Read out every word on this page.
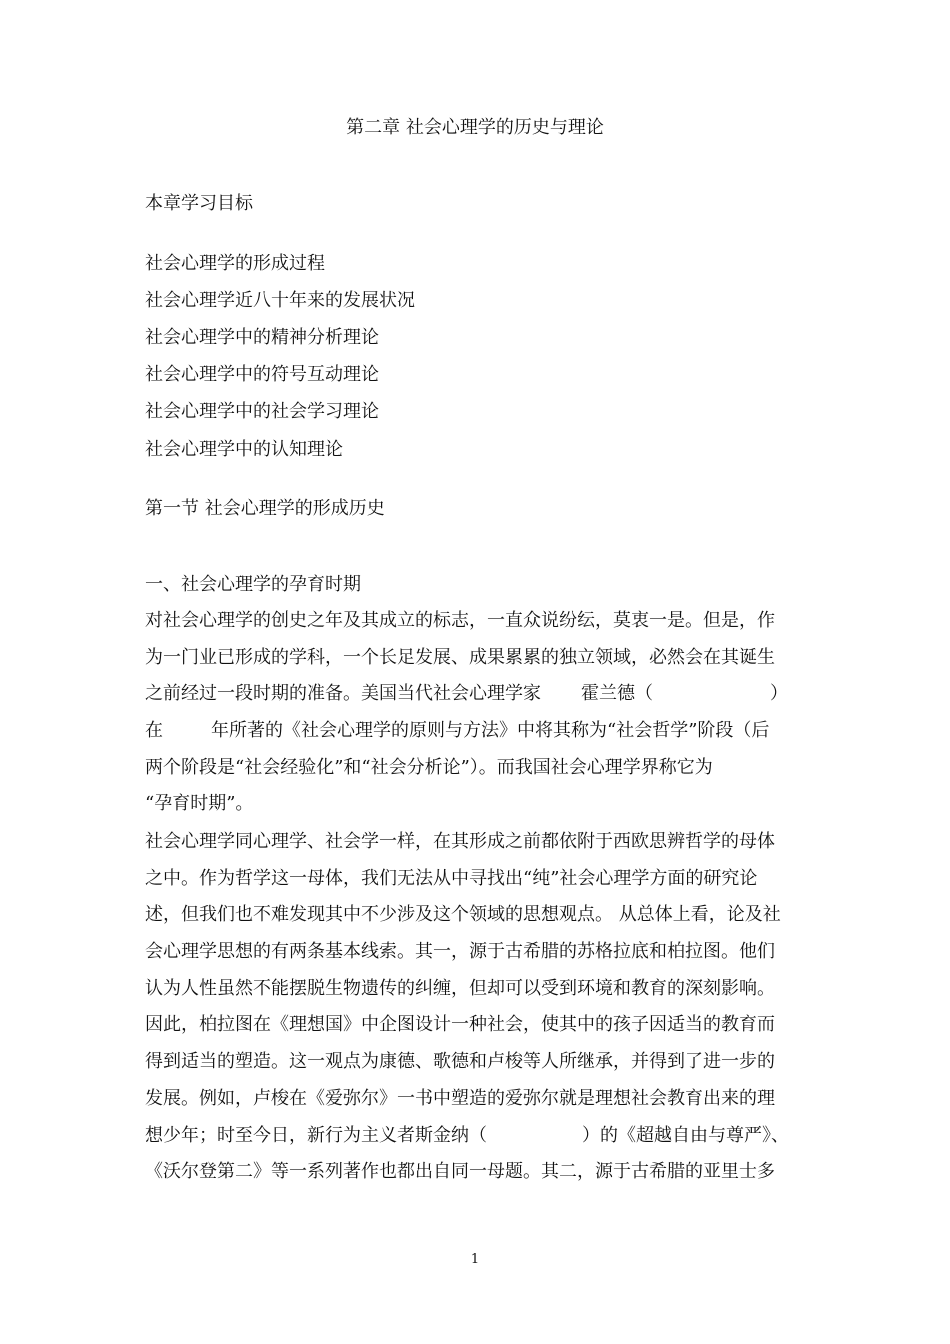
第二章 社会心理学的历史与理论
本章学习目标
社会心理学的形成过程
社会心理学近八十年来的发展状况
社会心理学中的精神分析理论
社会心理学中的符号互动理论
社会心理学中的社会学习理论
社会心理学中的认知理论
第一节 社会心理学的形成历史
一、社会心理学的孕育时期
对社会心理学的创史之年及其成立的标志，一直众说纷纭，莫衷一是。但是，作
为一门业已形成的学科，一个长足发展、成果累累的独立领域，必然会在其诞生
之前经过一段时期的准备。美国当代社会心理学家 霍兰德（	）
在	年所著的《社会心理学的原则与方法》中将其称为“社会哲学”阶段（后
两个阶段是“社会经验化”和“社会分析论”）。而我国社会心理学界称它为
“孕育时期”。
社会心理学同心理学、社会学一样，在其形成之前都依附于西欧思辨哲学的母体
之中。作为哲学这一母体，我们无法从中寻找出“纯”社会心理学方面的研究论
述，但我们也不难发现其中不少涉及这个领域的思想观点。 从总体上看，论及社
会心理学思想的有两条基本线索。其一，源于古希腊的苏格拉底和柏拉图。他们
认为人性虽然不能摆脱生物遗传的纠缠，但却可以受到环境和教育的深刻影响。
因此，柏拉图在《理想国》中企图设计一种社会，使其中的孩子因适当的教育而
得到适当的塑造。这一观点为康德、歌德和卢梭等人所继承，并得到了进一步的
发展。例如，卢梭在《爱弥尔》一书中塑造的爱弥尔就是理想社会教育出来的理
想少年；时至今日，新行为主义者斯金纳（	）的《超越自由与尊严》、
《沃尔登第二》等一系列著作也都出自同一母题。其二，源于古希腊的亚里士多
1
